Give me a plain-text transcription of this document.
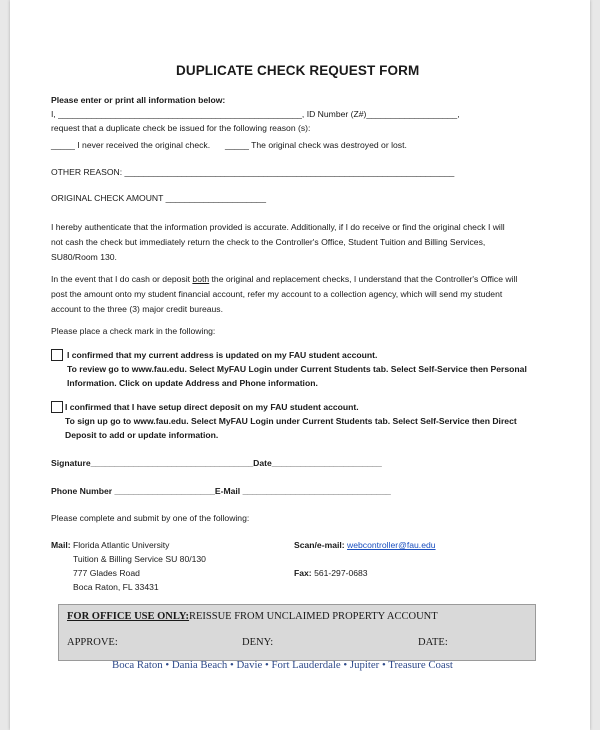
DUPLICATE CHECK REQUEST FORM
Please enter or print all information below:
I, ___________________________________________________, ID Number (Z#)___________________,
request that a duplicate check be issued for the following reason (s):
_____ I never received the original check. _____ The original check was destroyed or lost.
OTHER REASON: _____________________________________________________________________
ORIGINAL CHECK AMOUNT _____________________
I hereby authenticate that the information provided is accurate. Additionally, if I do receive or find the original check I will
not cash the check but immediately return the check to the Controller's Office, Student Tuition and Billing Services,
SU80/Room 130.
In the event that I do cash or deposit both the original and replacement checks, I understand that the Controller's Office will
post the amount onto my student financial account, refer my account to a collection agency, which will send my student
account to the three (3) major credit bureaus.
Please place a check mark in the following:
I confirmed that my current address is updated on my FAU student account.
To review go to www.fau.edu. Select MyFAU Login under Current Students tab. Select Self-Service then Personal
Information. Click on update Address and Phone information.
I confirmed that I have setup direct deposit on my FAU student account.
To sign up go to www.fau.edu. Select MyFAU Login under Current Students tab. Select Self-Service then Direct
Deposit to add or update information.
Signature__________________________________Date_______________________
Phone Number _____________________E-Mail _______________________________
Please complete and submit by one of the following:
Mail: Florida Atlantic University
Tuition & Billing Service SU 80/130
777 Glades Road
Boca Raton, FL 33431
Scan/e-mail: webcontroller@fau.edu
Fax: 561-297-0683
FOR OFFICE USE ONLY: REISSUE FROM UNCLAIMED PROPERTY ACCOUNT
APPROVE:	DENY:	DATE:
Boca Raton • Dania Beach • Davie • Fort Lauderdale • Jupiter • Treasure Coast
